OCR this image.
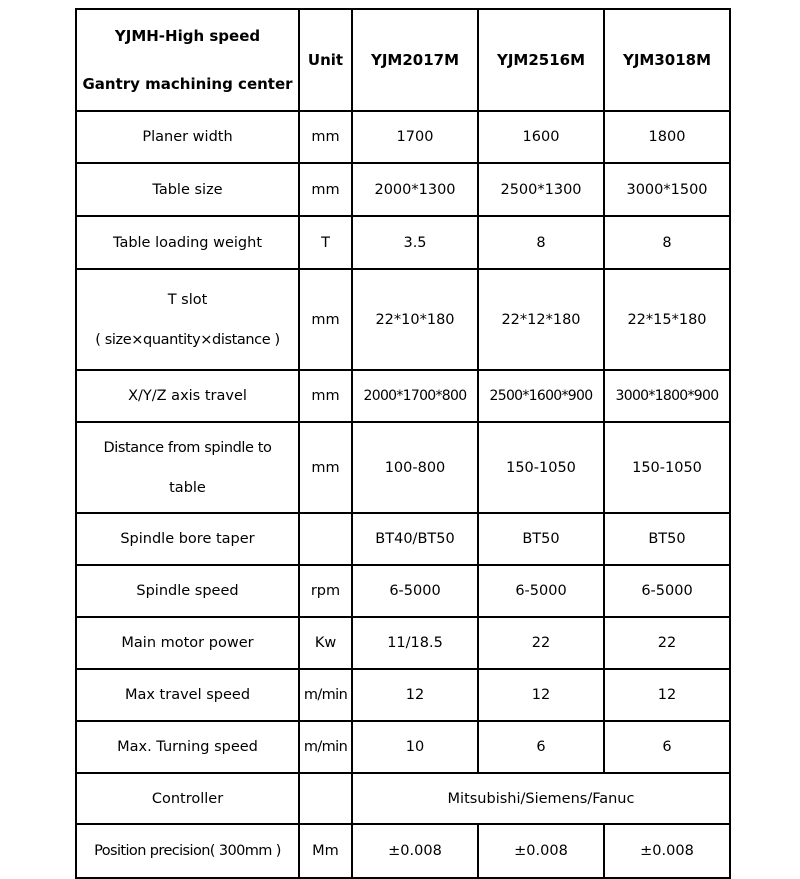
YJMH-High speed
Gantry machining center	Unit	YJM2017M	YJM2516M	YJM3018M
Planer width	mm	1700	1600	1800
Table size	mm	2000*1300	2500*1300	3000*1500
Table loading weight	T	3.5	8	8
T slot
( size×quantity×distance )	mm	22*10*180	22*12*180	22*15*180
X/Y/Z axis travel	mm	2000*1700*800	2500*1600*900	3000*1800*900
Distance from spindle to
table	mm	100-800	150-1050	150-1050
Spindle bore taper		BT40/BT50	BT50	BT50
Spindle speed	rpm	6-5000	6-5000	6-5000
Main motor power	Kw	11/18.5	22	22
Max travel speed	m/min	12	12	12
Max. Turning speed	m/min	10	6	6
Controller		Mitsubishi/Siemens/Fanuc		
Position precision( 300mm )	Mm	±0.008	±0.008	±0.008
